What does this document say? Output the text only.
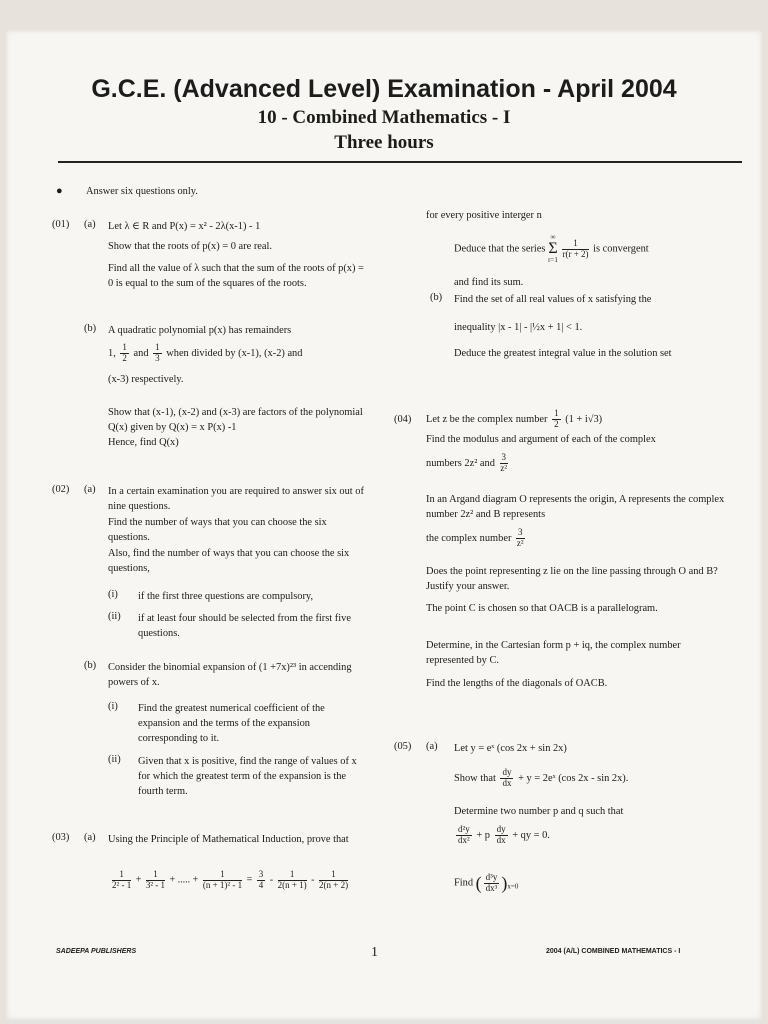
G.C.E. (Advanced Level) Examination - April 2004
10 - Combined Mathematics - I
Three hours
● Answer six questions only.
(01) (a) Let λ ∈ R and P(x) = x² - 2λ(x-1) - 1
Show that the roots of p(x) = 0 are real.
Find all the value of λ such that the sum of the roots of p(x) = 0 is equal to the sum of the squares of the roots.
(b) A quadratic polynomial p(x) has remainders
1, $\frac{1}{2}$ and $\frac{1}{3}$ when divided by (x-1), (x-2) and
(x-3) respectively.
Show that (x-1), (x-2) and (x-3) are factors of the polynomial Q(x) given by Q(x) = x P(x) -1
Hence, find Q(x)
(02) (a) In a certain examination you are required to answer six out of nine questions.
Find the number of ways that you can choose the six questions.
Also, find the number of ways that you can choose the six questions,
(i) if the first three questions are compulsory,
(ii) if at least four should be selected from the first five questions.
(b) Consider the binomial expansion of (1 +7x)²³ in accending powers of x.
(i) Find the greatest numerical coefficient of the expansion and the terms of the expansion corresponding to it.
(ii) Given that x is positive, find the range of values of x for which the greatest term of the expansion is the fourth term.
(03) (a) Using the Principle of Mathematical Induction, prove that
$\frac{1}{\text{2² - 1}} + \frac{1}{\text{3² - 1}}$ + ..... + $\frac{1}{\text{(n + 1)² - 1}} = \frac{3}{4} - \frac{1}{2(n + 1)} - \frac{1}{2(n + 2)}$
for every positive interger n
Deduce that the series
∞
Σ
r=1

$\frac{1}{r(r + 2)}$ is convergent
and find its sum.
(b) Find the set of all real values of x satisfying the
inequality |x - 1| - |½x + 1| < 1.
Deduce the greatest integral value in the solution set
(04) Let z be the complex number $\frac{1}{2} (1 + i√3)$
Find the modulus and argument of each of the complex
numbers 2z² and $\frac{3}{\text{z²}}$
In an Argand diagram O represents the origin, A represents the complex number 2z² and B represents
the complex number $\frac{3}{\text{z²}}$
Does the point representing z lie on the line passing through O and B? Justify your answer.
The point C is chosen so that OACB is a parallelogram.
Determine, in the Cartesian form p + iq, the complex number represented by C.
Find the lengths of the diagonals of OACB.
(05) (a) Let y = eˣ (cos 2x + sin 2x)
Show that $\frac{dy}{dx} + y$ = 2eˣ (cos 2x - sin 2x).
Determine two number p and q such that
$\frac{\text{d²y}}{\text{dx²}} + p \frac{dy}{dx}$ + qy = 0.
Find ( $\frac{\text{d³y}}{\text{dx³}} )_{x=0}$
SADEEPA PUBLISHERS	1	2004 (A/L) COMBINED MATHEMATICS - I
